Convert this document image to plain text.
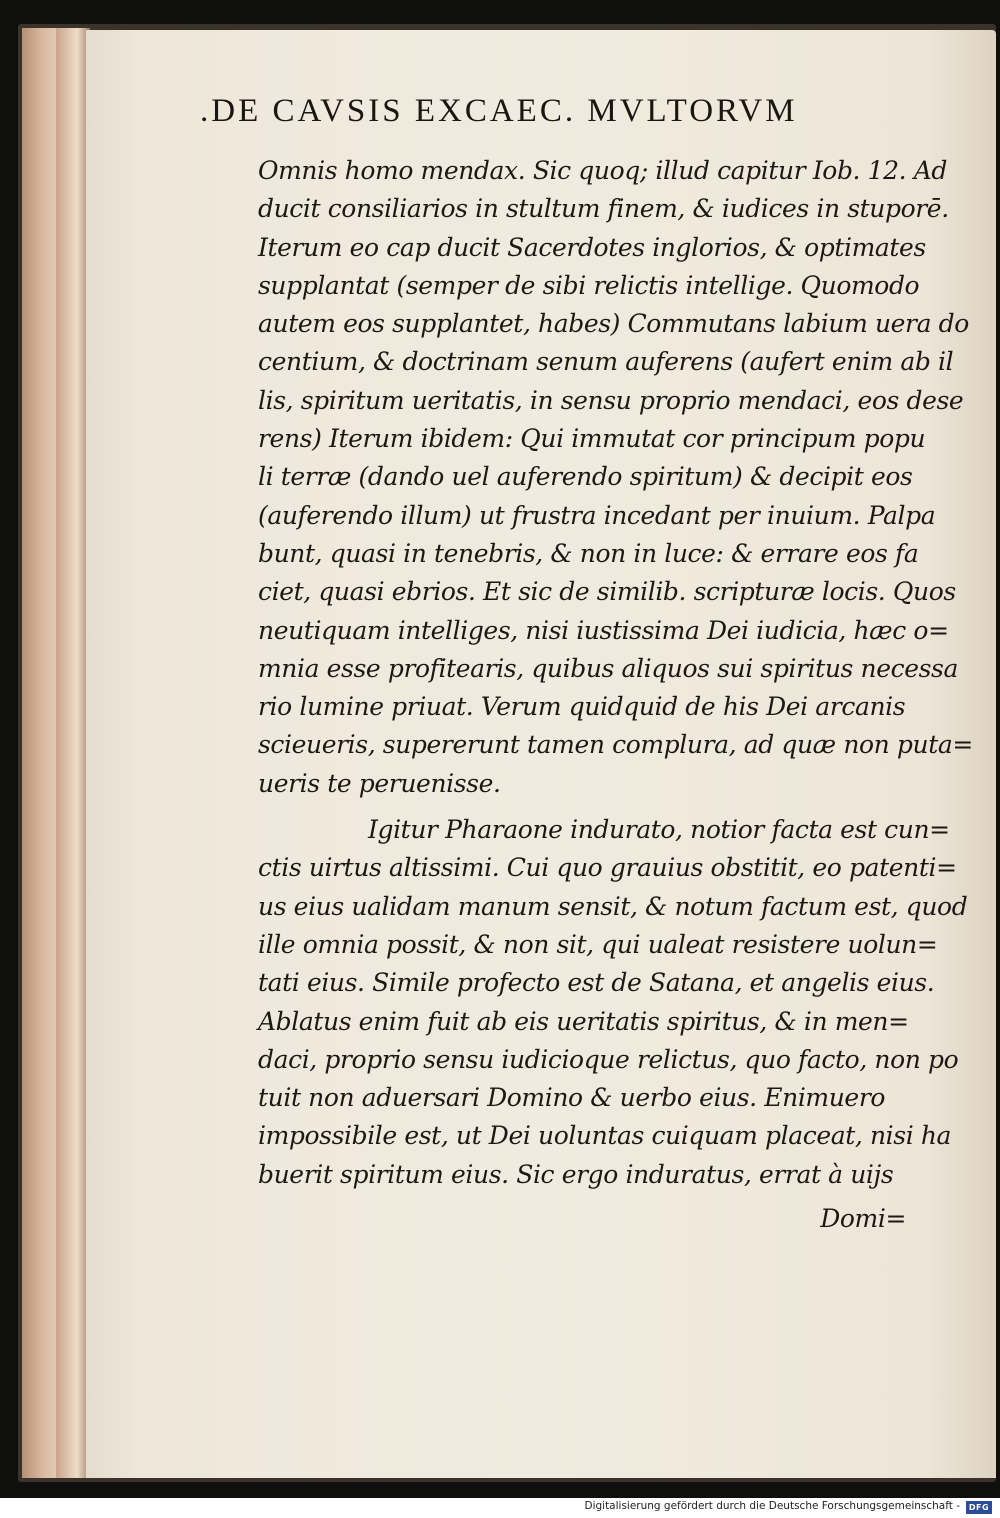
.DE CAVSIS EXCAEC. MVLTORVM
Omnis homo mendax. Sic quoq; illud capitur Iob. 12. Ad
ducit consiliarios in stultum finem, & iudices in stuporē.
Iterum eo cap ducit Sacerdotes inglorios, & optimates
supplantat (semper de sibi relictis intellige. Quomodo
autem eos supplantet, habes) Commutans labium uera do
centium, & doctrinam senum auferens (aufert enim ab il
lis, spiritum ueritatis, in sensu proprio mendaci, eos dese
rens) Iterum ibidem: Qui immutat cor principum popu
li terræ (dando uel auferendo spiritum) & decipit eos
(auferendo illum) ut frustra incedant per inuium. Palpa
bunt, quasi in tenebris, & non in luce: & errare eos fa
ciet, quasi ebrios. Et sic de similib. scripturæ locis. Quos
neutiquam intelliges, nisi iustissima Dei iudicia, hæc o=
mnia esse profitearis, quibus aliquos sui spiritus necessa
rio lumine priuat. Verum quidquid de his Dei arcanis
scieueris, supererunt tamen complura, ad quæ non puta=
ueris te peruenisse.
Igitur Pharaone indurato, notior facta est cun=
ctis uirtus altissimi. Cui quo grauius obstitit, eo patenti=
us eius ualidam manum sensit, & notum factum est, quod
ille omnia possit, & non sit, qui ualeat resistere uolun=
tati eius. Simile profecto est de Satana, et angelis eius.
Ablatus enim fuit ab eis ueritatis spiritus, & in men=
daci, proprio sensu iudicioque relictus, quo facto, non po
tuit non aduersari Domino & uerbo eius. Enimuero
impossibile est, ut Dei uoluntas cuiquam placeat, nisi ha
buerit spiritum eius. Sic ergo induratus, errat à uijs
Domi=
Digitalisierung gefördert durch die Deutsche Forschungsgemeinschaft -	DFG
